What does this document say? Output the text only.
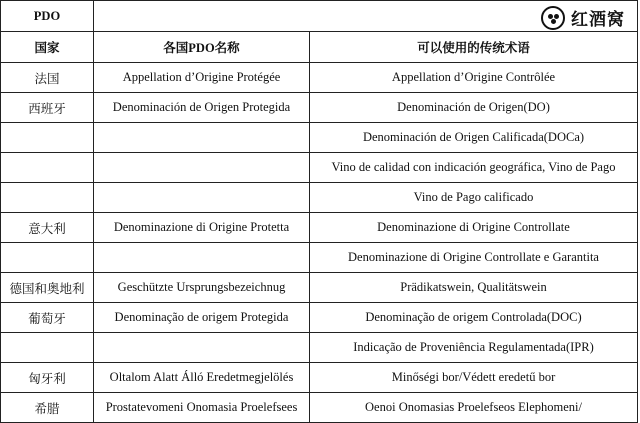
PDO	红酒窝	

国家	各国PDO名称	可以使用的传统术语
法国	Appellation d’Origine Protégée	Appellation d’Origine Contrôlée
西班牙	Denominación de Origen Protegida	Denominación de Origen(DO)
		Denominación de Origen Calificada(DOCa)
		Vino de calidad con indicación geográfica, Vino de Pago
		Vino de Pago calificado
意大利	Denominazione di Origine Protetta	Denominazione di Origine Controllate
		Denominazione di Origine Controllate e Garantita
德国和奥地利	Geschützte Ursprungsbezeichnug	Prädikatswein, Qualitätswein
葡萄牙	Denominação de origem Protegida	Denominação de origem Controlada(DOC)
		Indicação de Proveniência Regulamentada(IPR)
匈牙利	Oltalom Alatt Álló Eredetmegjelölés	Minőségi bor/Védett eredetű bor
希腊	Prostatevomeni Onomasia Proelefsees	Oenoi Onomasias Proelefseos Elephomeni/
